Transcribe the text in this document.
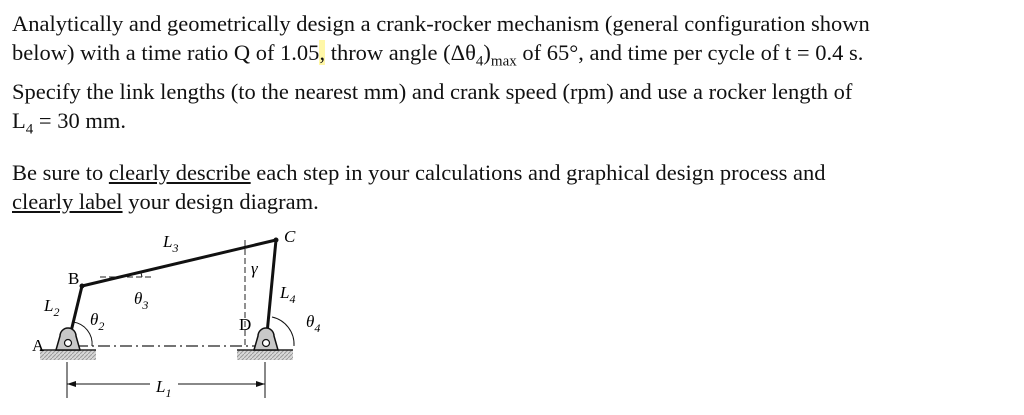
Analytically and geometrically design a crank-rocker mechanism (general configuration shown
below) with a time ratio Q of 1.05, throw angle $(\Delta\theta_4)_{max}$ of 65°, and time per cycle of t = 0.4 s.
Specify the link lengths (to the nearest mm) and crank speed (rpm) and use a rocker length of
$L_4 = 30$ mm.

Be sure to clearly describe each step in your calculations and graphical design process and
clearly label your design diagram.

A
B
C
D
$L_3$
$L_2$
$L_4$
$L_1$
$\theta_2$
$\theta_3$
$\theta_4$
γ
